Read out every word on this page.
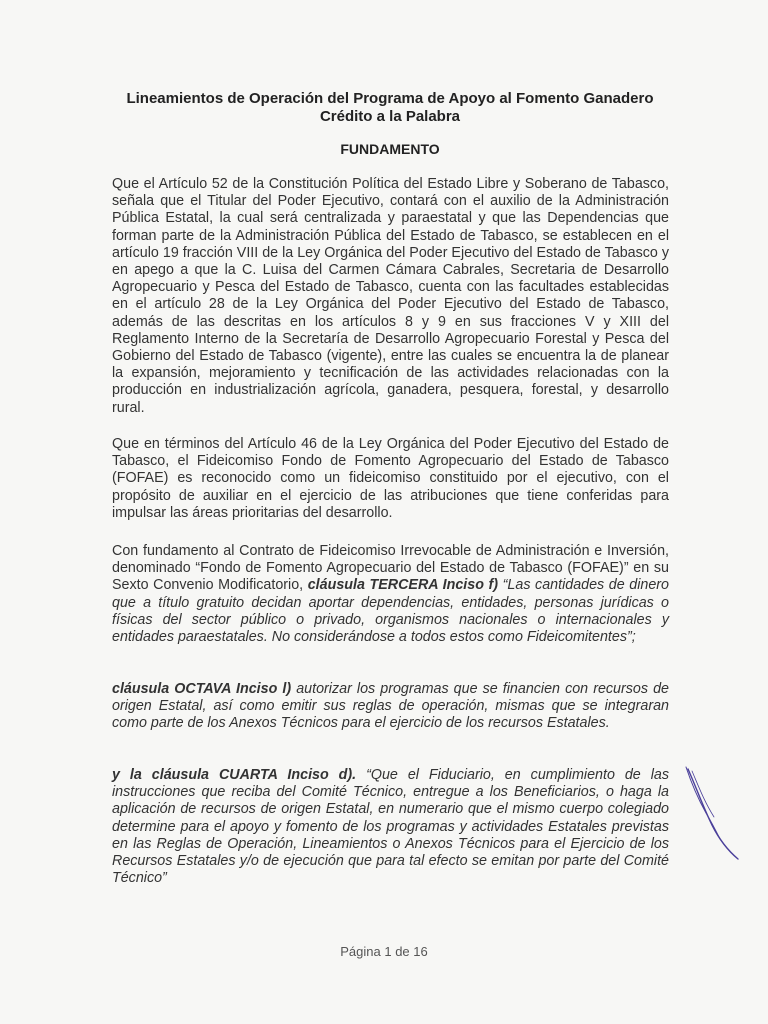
Lineamientos de Operación del Programa de Apoyo al Fomento Ganadero
Crédito a la Palabra
FUNDAMENTO
Que el Artículo 52 de la Constitución Política del Estado Libre y Soberano de Tabasco, señala que el Titular del Poder Ejecutivo, contará con el auxilio de la Administración Pública Estatal, la cual será centralizada y paraestatal y que las Dependencias que forman parte de la Administración Pública del Estado de Tabasco, se establecen en el artículo 19 fracción VIII de la Ley Orgánica del Poder Ejecutivo del Estado de Tabasco y en apego a que la C. Luisa del Carmen Cámara Cabrales, Secretaria de Desarrollo Agropecuario y Pesca del Estado de Tabasco, cuenta con las facultades establecidas en el artículo 28 de la Ley Orgánica del Poder Ejecutivo del Estado de Tabasco, además de las descritas en los artículos 8 y 9 en sus fracciones V y XIII del Reglamento Interno de la Secretaría de Desarrollo Agropecuario Forestal y Pesca del Gobierno del Estado de Tabasco (vigente), entre las cuales se encuentra la de planear la expansión, mejoramiento y tecnificación de las actividades relacionadas con la producción en industrialización agrícola, ganadera, pesquera, forestal, y desarrollo rural.
Que en términos del Artículo 46 de la Ley Orgánica del Poder Ejecutivo del Estado de Tabasco, el Fideicomiso Fondo de Fomento Agropecuario del Estado de Tabasco (FOFAE) es reconocido como un fideicomiso constituido por el ejecutivo, con el propósito de auxiliar en el ejercicio de las atribuciones que tiene conferidas para impulsar las áreas prioritarias del desarrollo.
Con fundamento al Contrato de Fideicomiso Irrevocable de Administración e Inversión, denominado “Fondo de Fomento Agropecuario del Estado de Tabasco (FOFAE)” en su Sexto Convenio Modificatorio, cláusula TERCERA Inciso f) “Las cantidades de dinero que a título gratuito decidan aportar dependencias, entidades, personas jurídicas o físicas del sector público o privado, organismos nacionales o internacionales y entidades paraestatales. No considerándose a todos estos como Fideicomitentes”;
cláusula OCTAVA Inciso l) autorizar los programas que se financien con recursos de origen Estatal, así como emitir sus reglas de operación, mismas que se integraran como parte de los Anexos Técnicos para el ejercicio de los recursos Estatales.
y la cláusula CUARTA Inciso d). “Que el Fiduciario, en cumplimiento de las instrucciones que reciba del Comité Técnico, entregue a los Beneficiarios, o haga la aplicación de recursos de origen Estatal, en numerario que el mismo cuerpo colegiado determine para el apoyo y fomento de los programas y actividades Estatales previstas en las Reglas de Operación, Lineamientos o Anexos Técnicos para el Ejercicio de los Recursos Estatales y/o de ejecución que para tal efecto se emitan por parte del Comité Técnico”
Página 1 de 16
